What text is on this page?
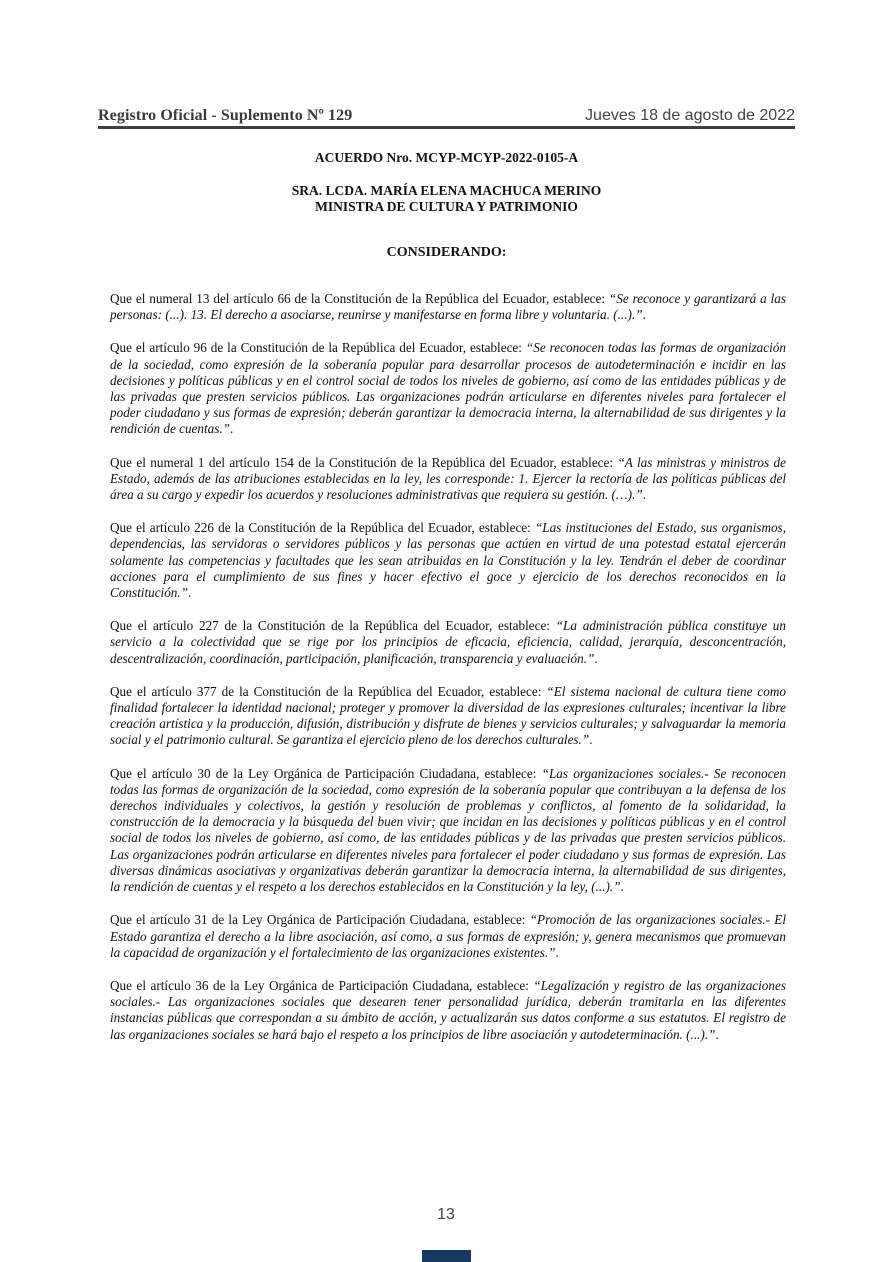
Registro Oficial - Suplemento Nº 129	Jueves 18 de agosto de 2022
ACUERDO Nro. MCYP-MCYP-2022-0105-A
SRA. LCDA. MARÍA ELENA MACHUCA MERINO
MINISTRA DE CULTURA Y PATRIMONIO
CONSIDERANDO:

Que el numeral 13 del artículo 66 de la Constitución de la República del Ecuador, establece: “Se reconoce y garantizará a las personas: (...). 13. El derecho a asociarse, reunirse y manifestarse en forma libre y voluntaria. (...).”.

Que el artículo 96 de la Constitución de la República del Ecuador, establece: “Se reconocen todas las formas de organización de la sociedad, como expresión de la soberanía popular para desarrollar procesos de autodeterminación e incidir en las decisiones y políticas públicas y en el control social de todos los niveles de gobierno, así como de las entidades públicas y de las privadas que presten servicios públicos. Las organizaciones podrán articularse en diferentes niveles para fortalecer el poder ciudadano y sus formas de expresión; deberán garantizar la democracia interna, la alternabilidad de sus dirigentes y la rendición de cuentas.”.

Que el numeral 1 del artículo 154 de la Constitución de la República del Ecuador, establece: “A las ministras y ministros de Estado, además de las atribuciones establecidas en la ley, les corresponde: 1. Ejercer la rectoría de las políticas públicas del área a su cargo y expedir los acuerdos y resoluciones administrativas que requiera su gestión. (…).”.

Que el artículo 226 de la Constitución de la República del Ecuador, establece: “Las instituciones del Estado, sus organismos, dependencias, las servidoras o servidores públicos y las personas que actúen en virtud de una potestad estatal ejercerán solamente las competencias y facultades que les sean atribuidas en la Constitución y la ley. Tendrán el deber de coordinar acciones para el cumplimiento de sus fines y hacer efectivo el goce y ejercicio de los derechos reconocidos en la Constitución.”.

Que el artículo 227 de la Constitución de la República del Ecuador, establece: “La administración pública constituye un servicio a la colectividad que se rige por los principios de eficacia, eficiencia, calidad, jerarquía, desconcentración, descentralización, coordinación, participación, planificación, transparencia y evaluación.”.

Que el artículo 377 de la Constitución de la República del Ecuador, establece: “El sistema nacional de cultura tiene como finalidad fortalecer la identidad nacional; proteger y promover la diversidad de las expresiones culturales; incentivar la libre creación artística y la producción, difusión, distribución y disfrute de bienes y servicios culturales; y salvaguardar la memoria social y el patrimonio cultural. Se garantiza el ejercicio pleno de los derechos culturales.”.

Que el artículo 30 de la Ley Orgánica de Participación Ciudadana, establece: “Las organizaciones sociales.- Se reconocen todas las formas de organización de la sociedad, como expresión de la soberanía popular que contribuyan a la defensa de los derechos individuales y colectivos, la gestión y resolución de problemas y conflictos, al fomento de la solidaridad, la construcción de la democracia y la búsqueda del buen vivir; que incidan en las decisiones y políticas públicas y en el control social de todos los niveles de gobierno, así como, de las entidades públicas y de las privadas que presten servicios públicos. Las organizaciones podrán articularse en diferentes niveles para fortalecer el poder ciudadano y sus formas de expresión. Las diversas dinámicas asociativas y organizativas deberán garantizar la democracia interna, la alternabilidad de sus dirigentes, la rendición de cuentas y el respeto a los derechos establecidos en la Constitución y la ley, (...).”.

Que el artículo 31 de la Ley Orgánica de Participación Ciudadana, establece: “Promoción de las organizaciones sociales.- El Estado garantiza el derecho a la libre asociación, así como, a sus formas de expresión; y, genera mecanismos que promuevan la capacidad de organización y el fortalecimiento de las organizaciones existentes.”.

Que el artículo 36 de la Ley Orgánica de Participación Ciudadana, establece: “Legalización y registro de las organizaciones sociales.- Las organizaciones sociales que desearen tener personalidad jurídica, deberán tramitarla en las diferentes instancias públicas que correspondan a su ámbito de acción, y actualizarán sus datos conforme a sus estatutos. El registro de las organizaciones sociales se hará bajo el respeto a los principios de libre asociación y autodeterminación. (...).”.

13
